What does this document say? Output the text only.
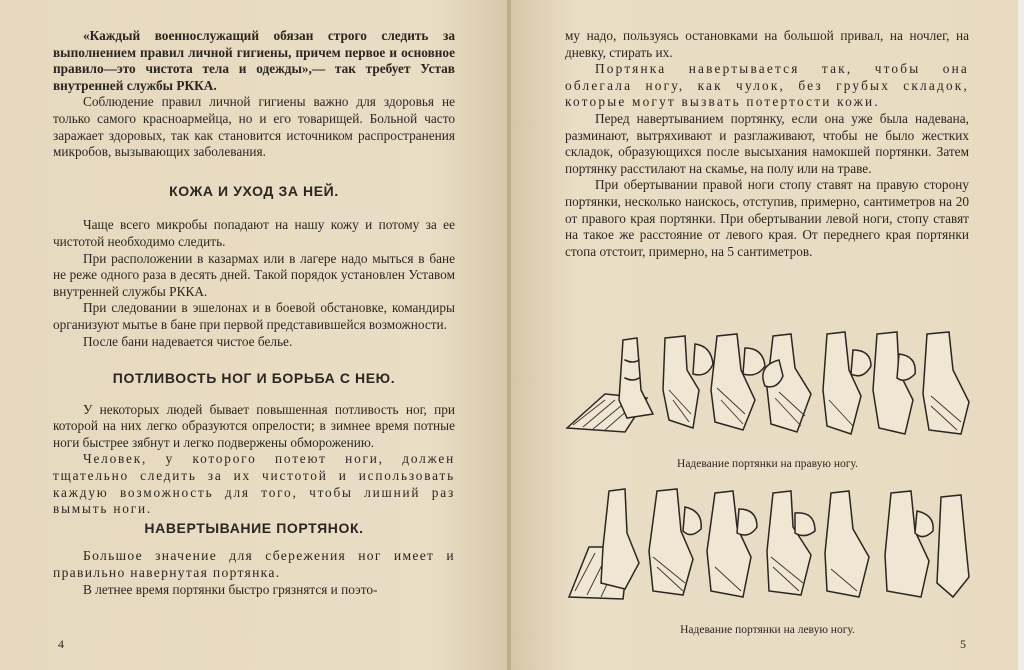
«Каждый военнослужащий обязан строго следить за выполнением правил личной гигиены, причем первое и основное правило—это чистота тела и одежды»,— так требует Устав внутренней службы РККА.

Соблюдение правил личной гигиены важно для здоровья не только самого красноармейца, но и его товарищей. Больной часто заражает здоровых, так как становится источником распространения микробов, вызывающих заболевания.

КОЖА И УХОД ЗА НЕЙ.

Чаще всего микробы попадают на нашу кожу и потому за ее чистотой необходимо следить.

При расположении в казармах или в лагере надо мыться в бане не реже одного раза в десять дней. Такой порядок установлен Уставом внутренней службы РККА.

При следовании в эшелонах и в боевой обстановке, командиры организуют мытье в бане при первой представившейся возможности.

После бани надевается чистое белье.

ПОТЛИВОСТЬ НОГ И БОРЬБА С НЕЮ.

У некоторых людей бывает повышенная потливость ног, при которой на них легко образуются опрелости; в зимнее время потные ноги быстрее зябнут и легко подвержены обморожению.

Человек, у которого потеют ноги, должен тщательно следить за их чистотой и использовать каждую возможность для того, чтобы лишний раз вымыть ноги.

НАВЕРТЫВАНИЕ ПОРТЯНОК.

Большое значение для сбережения ног имеет и правильно навернутая портянка.

В летнее время портянки быстро грязнятся и поэто-

4

му надо, пользуясь остановками на большой привал, на ночлег, на дневку, стирать их.

Портянка навертывается так, чтобы она облегала ногу, как чулок, без грубых складок, которые могут вызвать потертости кожи.

Перед навертыванием портянку, если она уже была надевана, разминают, вытряхивают и разглаживают, чтобы не было жестких складок, образующихся после высыхания намокшей портянки. Затем портянку расстилают на скамье, на полу или на траве.

При обертывании правой ноги стопу ставят на правую сторону портянки, несколько наискось, отступив, примерно, сантиметров на 20 от правого края портянки. При обертывании левой ноги, стопу ставят на такое же расстояние от левого края. От переднего края портянки стопа отстоит, примерно, на 5 сантиметров.

Надевание портянки на правую ногу.
Надевание портянки на левую ногу.
5
